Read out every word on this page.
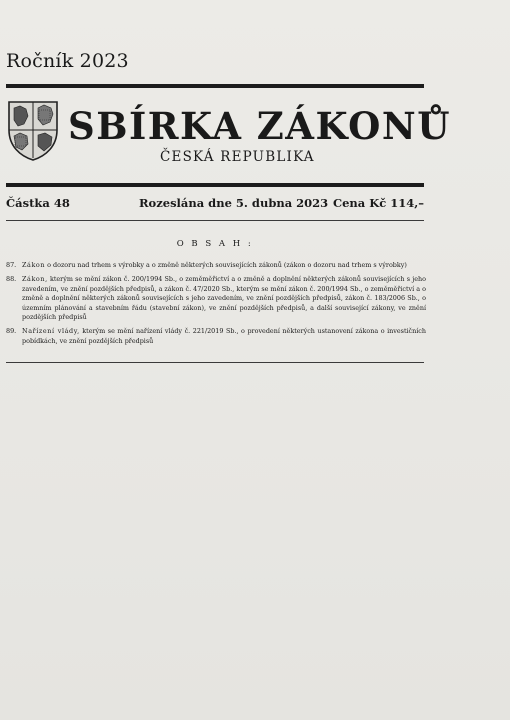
Ročník 2023
SBÍRKA ZÁKONŮ
ČESKÁ REPUBLIKA
Částka 48	Rozeslána dne 5. dubna 2023 Cena Kč 114,–
O B S A H :
87. Zákon o dozoru nad trhem s výrobky a o změně některých souvisejících zákonů (zákon o dozoru nad trhem s výrobky)
88. Zákon, kterým se mění zákon č. 200/1994 Sb., o zeměměřictví a o změně a doplnění některých zákonů souvisejících s jeho zavedením, ve znění pozdějších předpisů, a zákon č. 47/2020 Sb., kterým se mění zákon č. 200/1994 Sb., o zeměměřictví a o změně a doplnění některých zákonů souvisejících s jeho zavedením, ve znění pozdějších předpisů, zákon č. 183/2006 Sb., o územním plánování a stavebním řádu (stavební zákon), ve znění pozdějších předpisů, a další související zákony, ve znění pozdějších předpisů
89. Nařízení vlády, kterým se mění nařízení vlády č. 221/2019 Sb., o provedení některých ustanovení zákona o investičních pobídkách, ve znění pozdějších předpisů
